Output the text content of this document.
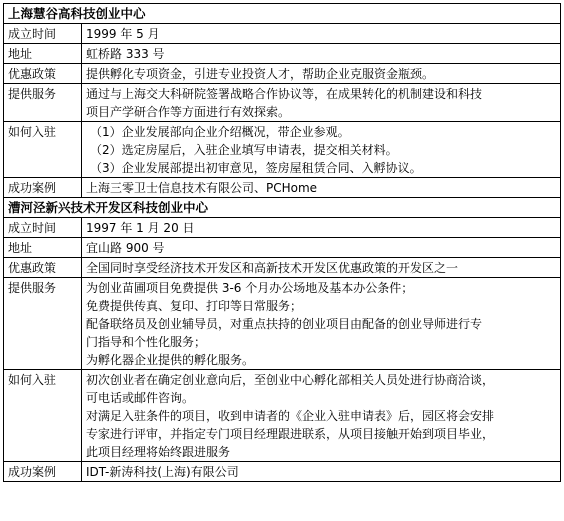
上海慧谷高科技创业中心	
成立时间	1999 年 5 月

地址	虹桥路 333 号

优惠政策	提供孵化专项资金，引进专业投资人才，帮助企业克服资金瓶颈。

提供服务	通过与上海交大科研院签署战略合作协议等，在成果转化的机制建设和科技
项目产学研合作等方面进行有效探索。

如何入驻	（1）企业发展部向企业介绍概况，带企业参观。
（2）选定房屋后，入驻企业填写申请表，提交相关材料。
（3）企业发展部提出初审意见，签房屋租赁合同、入孵协议。

成功案例	上海三零卫士信息技术有限公司、PCHome

漕河泾新兴技术开发区科技创业中心	
成立时间	1997 年 1 月 20 日

地址	宜山路 900 号

优惠政策	全国同时享受经济技术开发区和高新技术开发区优惠政策的开发区之一

提供服务	为创业苗圃项目免费提供 3-6 个月办公场地及基本办公条件；
免费提供传真、复印、打印等日常服务；
配备联络员及创业辅导员，对重点扶持的创业项目由配备的创业导师进行专
门指导和个性化服务；
为孵化器企业提供的孵化服务。

如何入驻	初次创业者在确定创业意向后，至创业中心孵化部相关人员处进行协商洽谈，
可电话或邮件咨询。
对满足入驻条件的项目，收到申请者的《企业入驻申请表》后，园区将会安排
专家进行评审，并指定专门项目经理跟进联系，从项目接触开始到项目毕业，
此项目经理将始终跟进服务

成功案例	IDT-新涛科技(上海)有限公司
